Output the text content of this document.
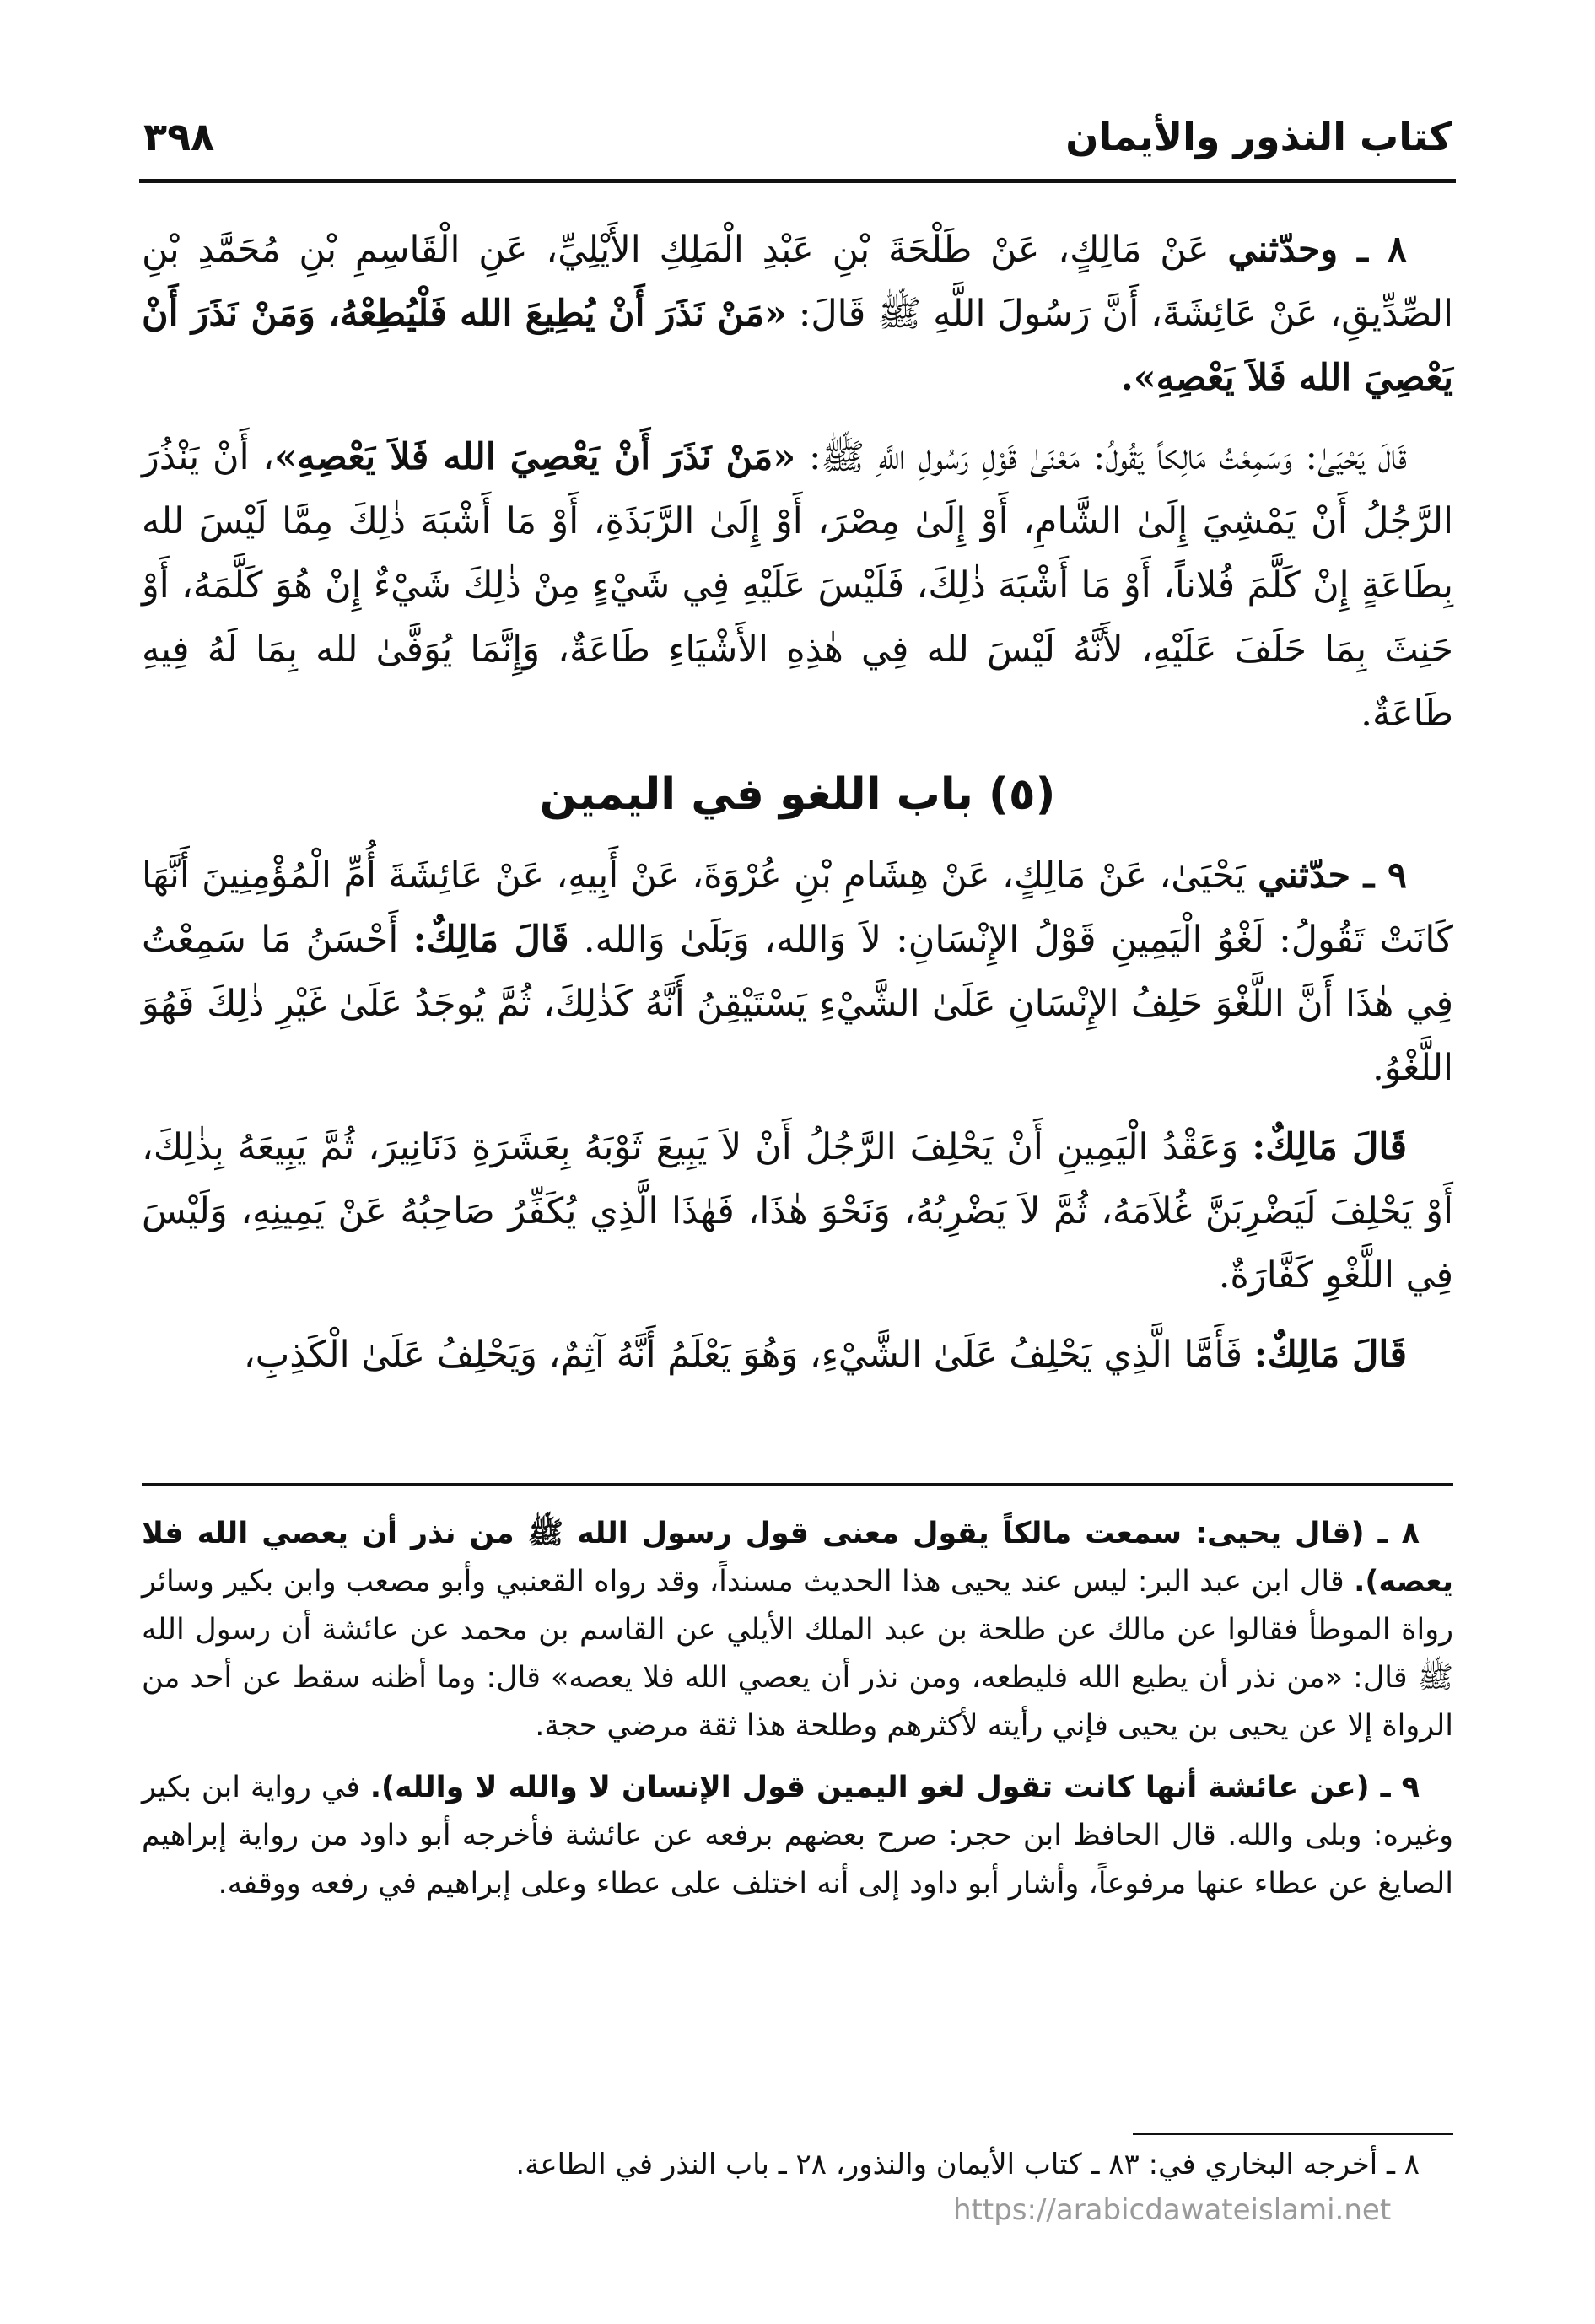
كتاب النذور والأيمان
٣٩٨

٨ ـ وحدّثني عَنْ مَالِكٍ، عَنْ طَلْحَةَ بْنِ عَبْدِ الْمَلِكِ الأَيْلِيِّ، عَنِ الْقَاسِمِ بْنِ مُحَمَّدِ بْنِ الصِّدِّيقِ، عَنْ عَائِشَةَ، أَنَّ رَسُولَ اللَّهِ ﷺ قَالَ: «مَنْ نَذَرَ أَنْ يُطِيعَ الله فَلْيُطِعْهُ، وَمَنْ نَذَرَ أَنْ يَعْصِيَ الله فَلاَ يَعْصِهِ».

قَالَ يَحْيَىٰ: وَسَمِعْتُ مَالِكاً يَقُولُ: مَعْنَىٰ قَوْلِ رَسُولِ اللَّهِ ﷺ: «مَنْ نَذَرَ أَنْ يَعْصِيَ الله فَلاَ يَعْصِهِ»، أَنْ يَنْذُرَ الرَّجُلُ أَنْ يَمْشِيَ إِلَىٰ الشَّامِ، أَوْ إِلَىٰ مِصْرَ، أَوْ إِلَىٰ الرَّبَذَةِ، أَوْ مَا أَشْبَهَ ذٰلِكَ مِمَّا لَيْسَ لله بِطَاعَةٍ إِنْ كَلَّمَ فُلاناً، أَوْ مَا أَشْبَهَ ذٰلِكَ، فَلَيْسَ عَلَيْهِ فِي شَيْءٍ مِنْ ذٰلِكَ شَيْءٌ إِنْ هُوَ كَلَّمَهُ، أَوْ حَنِثَ بِمَا حَلَفَ عَلَيْهِ، لأَنَّهُ لَيْسَ لله فِي هٰذِهِ الأَشْيَاءِ طَاعَةٌ، وَإِنَّمَا يُوَفَّىٰ لله بِمَا لَهُ فِيهِ طَاعَةٌ.

(٥) باب اللغو في اليمين

٩ ـ حدّثني يَحْيَىٰ، عَنْ مَالِكٍ، عَنْ هِشَامِ بْنِ عُرْوَةَ، عَنْ أَبِيهِ، عَنْ عَائِشَةَ أُمِّ الْمُؤْمِنِينَ أَنَّهَا كَانَتْ تَقُولُ: لَغْوُ الْيَمِينِ قَوْلُ الإِنْسَانِ: لاَ وَالله، وَبَلَىٰ وَالله. قَالَ مَالِكٌ: أَحْسَنُ مَا سَمِعْتُ فِي هٰذَا أَنَّ اللَّغْوَ حَلِفُ الإِنْسَانِ عَلَىٰ الشَّيْءِ يَسْتَيْقِنُ أَنَّهُ كَذٰلِكَ، ثُمَّ يُوجَدُ عَلَىٰ غَيْرِ ذٰلِكَ فَهُوَ اللَّغْوُ.

قَالَ مَالِكٌ: وَعَقْدُ الْيَمِينِ أَنْ يَحْلِفَ الرَّجُلُ أَنْ لاَ يَبِيعَ ثَوْبَهُ بِعَشَرَةِ دَنَانِيرَ، ثُمَّ يَبِيعَهُ بِذٰلِكَ، أَوْ يَحْلِفَ لَيَضْرِبَنَّ غُلاَمَهُ، ثُمَّ لاَ يَضْرِبُهُ، وَنَحْوَ هٰذَا، فَهٰذَا الَّذِي يُكَفِّرُ صَاحِبُهُ عَنْ يَمِينِهِ، وَلَيْسَ فِي اللَّغْوِ كَفَّارَةٌ.

قَالَ مَالِكٌ: فَأَمَّا الَّذِي يَحْلِفُ عَلَىٰ الشَّيْءِ، وَهُوَ يَعْلَمُ أَنَّهُ آثِمٌ، وَيَحْلِفُ عَلَىٰ الْكَذِبِ،

٨ ـ (قال يحيى: سمعت مالكاً يقول معنى قول رسول الله ﷺ من نذر أن يعصي الله فلا يعصه). قال ابن عبد البر: ليس عند يحيى هذا الحديث مسنداً، وقد رواه القعنبي وأبو مصعب وابن بكير وسائر رواة الموطأ فقالوا عن مالك عن طلحة بن عبد الملك الأيلي عن القاسم بن محمد عن عائشة أن رسول الله ﷺ قال: «من نذر أن يطيع الله فليطعه، ومن نذر أن يعصي الله فلا يعصه» قال: وما أظنه سقط عن أحد من الرواة إلا عن يحيى بن يحيى فإني رأيته لأكثرهم وطلحة هذا ثقة مرضي حجة.

٩ ـ (عن عائشة أنها كانت تقول لغو اليمين قول الإنسان لا والله لا والله). في رواية ابن بكير وغيره: وبلى والله. قال الحافظ ابن حجر: صرح بعضهم برفعه عن عائشة فأخرجه أبو داود من رواية إبراهيم الصايغ عن عطاء عنها مرفوعاً، وأشار أبو داود إلى أنه اختلف على عطاء وعلى إبراهيم في رفعه ووقفه.

٨ ـ أخرجه البخاري في: ٨٣ ـ كتاب الأيمان والنذور، ٢٨ ـ باب النذر في الطاعة.
https://arabicdawateislami.net
